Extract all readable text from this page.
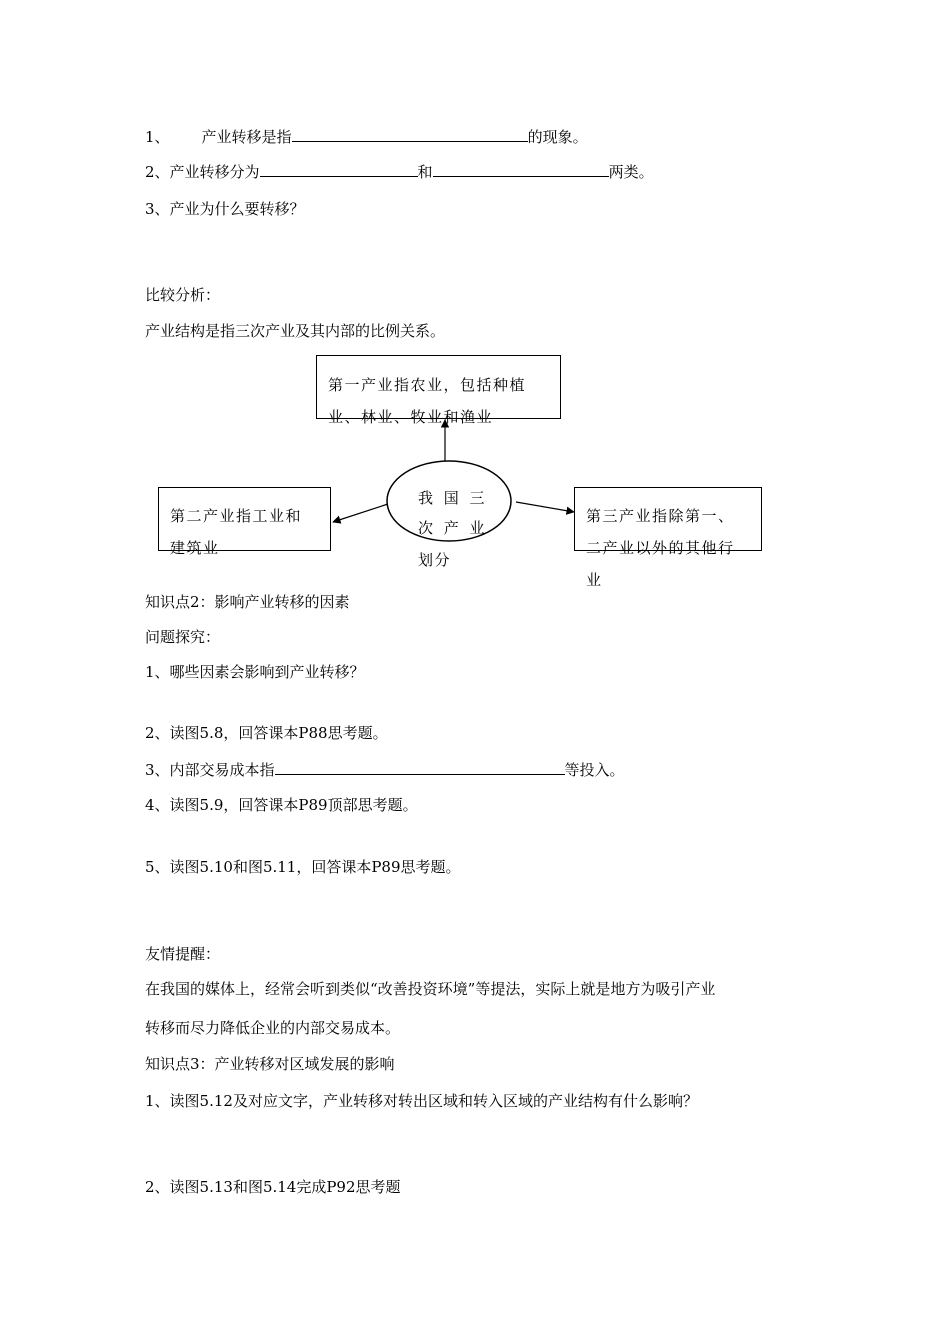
1、 产业转移是指	的现象。
2、产业转移分为	和	两类。
3、产业为什么要转移？
比较分析：
产业结构是指三次产业及其内部的比例关系。
第一产业指农业，包括种植
业、林业、牧业和渔业
第二产业指工业和
建筑业
第三产业指除第一、
二产业以外的其他行
业
我 国 三
次 产 业
划分
知识点2：影响产业转移的因素
问题探究：
1、哪些因素会影响到产业转移？
2、读图5.8，回答课本P88思考题。
3、内部交易成本指	等投入。
4、读图5.9，回答课本P89顶部思考题。
5、读图5.10和图5.11，回答课本P89思考题。
友情提醒：
在我国的媒体上，经常会听到类似“改善投资环境”等提法，实际上就是地方为吸引产业
转移而尽力降低企业的内部交易成本。
知识点3：产业转移对区域发展的影响
1、读图5.12及对应文字，产业转移对转出区域和转入区域的产业结构有什么影响？
2、读图5.13和图5.14完成P92思考题
